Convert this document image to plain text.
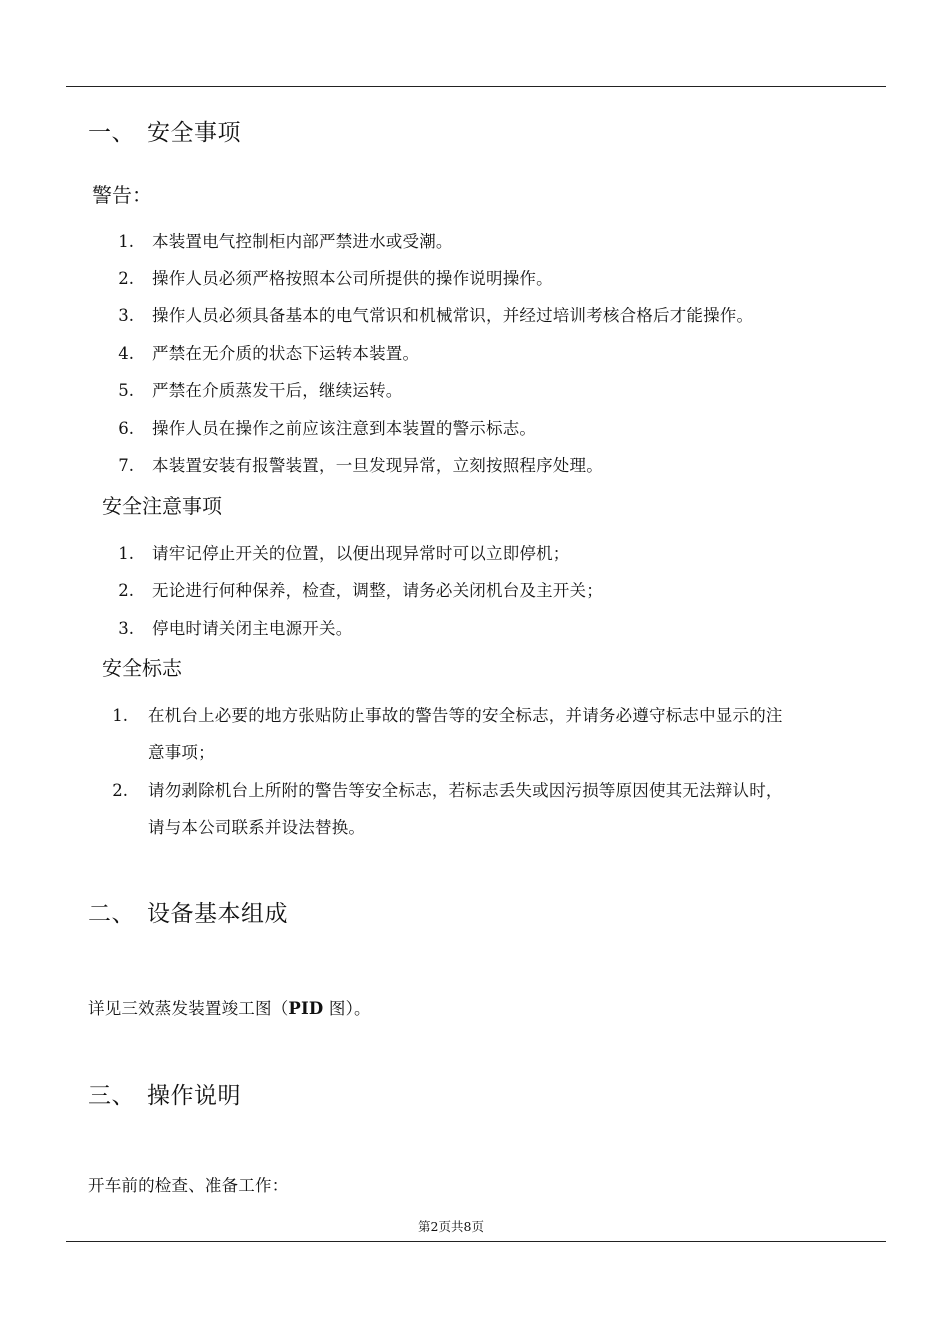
一、 安全事项
警告：
1. 本装置电气控制柜内部严禁进水或受潮。
2. 操作人员必须严格按照本公司所提供的操作说明操作。
3. 操作人员必须具备基本的电气常识和机械常识，并经过培训考核合格后才能操作。
4. 严禁在无介质的状态下运转本装置。
5. 严禁在介质蒸发干后，继续运转。
6. 操作人员在操作之前应该注意到本装置的警示标志。
7. 本装置安装有报警装置，一旦发现异常，立刻按照程序处理。
安全注意事项
1. 请牢记停止开关的位置，以便出现异常时可以立即停机；
2. 无论进行何种保养，检查，调整，请务必关闭机台及主开关；
3. 停电时请关闭主电源开关。
安全标志
1. 在机台上必要的地方张贴防止事故的警告等的安全标志，并请务必遵守标志中显示的注
意事项；
2. 请勿剥除机台上所附的警告等安全标志，若标志丢失或因污损等原因使其无法辩认时，
请与本公司联系并设法替换。
二、 设备基本组成
详见三效蒸发装置竣工图（PID 图）。
三、 操作说明
开车前的检查、准备工作：
第2页共8页
